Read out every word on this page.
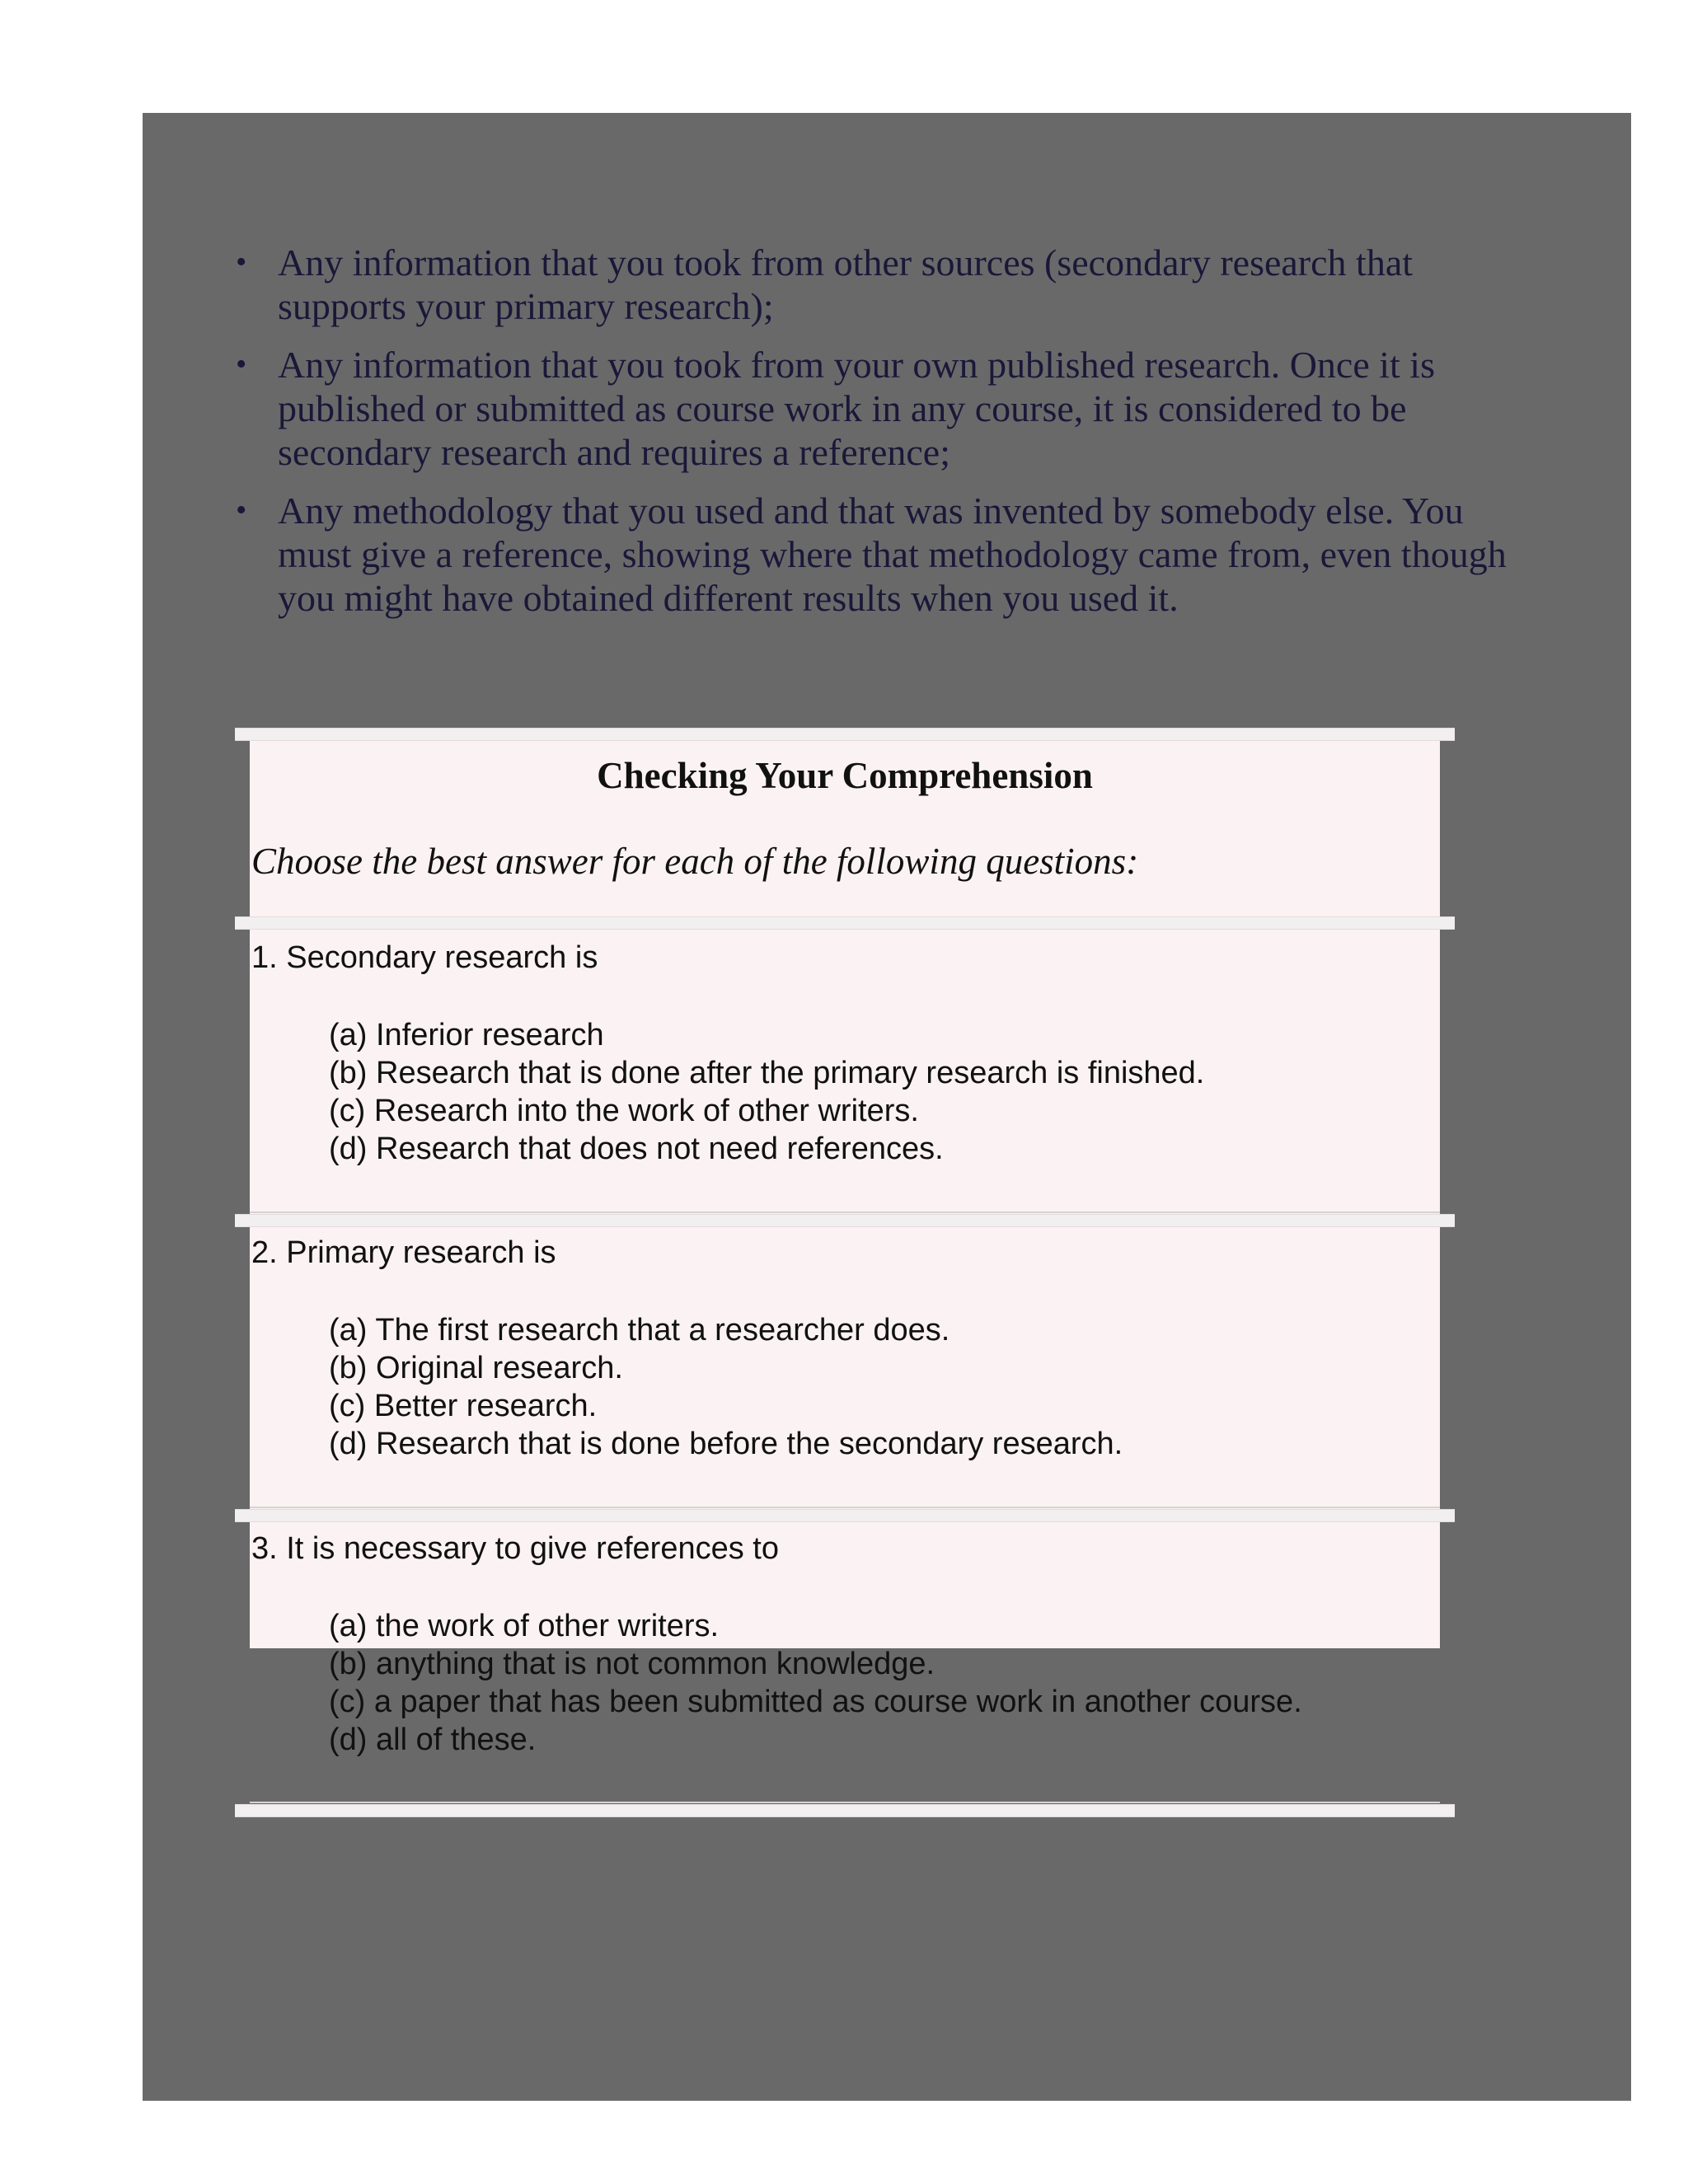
• Any information that you took from other sources (secondary research that supports your primary research);
• Any information that you took from your own published research. Once it is published or submitted as course work in any course, it is considered to be secondary research and requires a reference;
• Any methodology that you used and that was invented by somebody else. You must give a reference, showing where that methodology came from, even though you might have obtained different results when you used it.
Checking Your Comprehension

Choose the best answer for each of the following questions:

1. Secondary research is

(a) Inferior research
(b) Research that is done after the primary research is finished.
(c) Research into the work of other writers.
(d) Research that does not need references.

2. Primary research is

(a) The first research that a researcher does.
(b) Original research.
(c) Better research.
(d) Research that is done before the secondary research.

3. It is necessary to give references to

(a) the work of other writers.
(b) anything that is not common knowledge.
(c) a paper that has been submitted as course work in another course.
(d) all of these.
